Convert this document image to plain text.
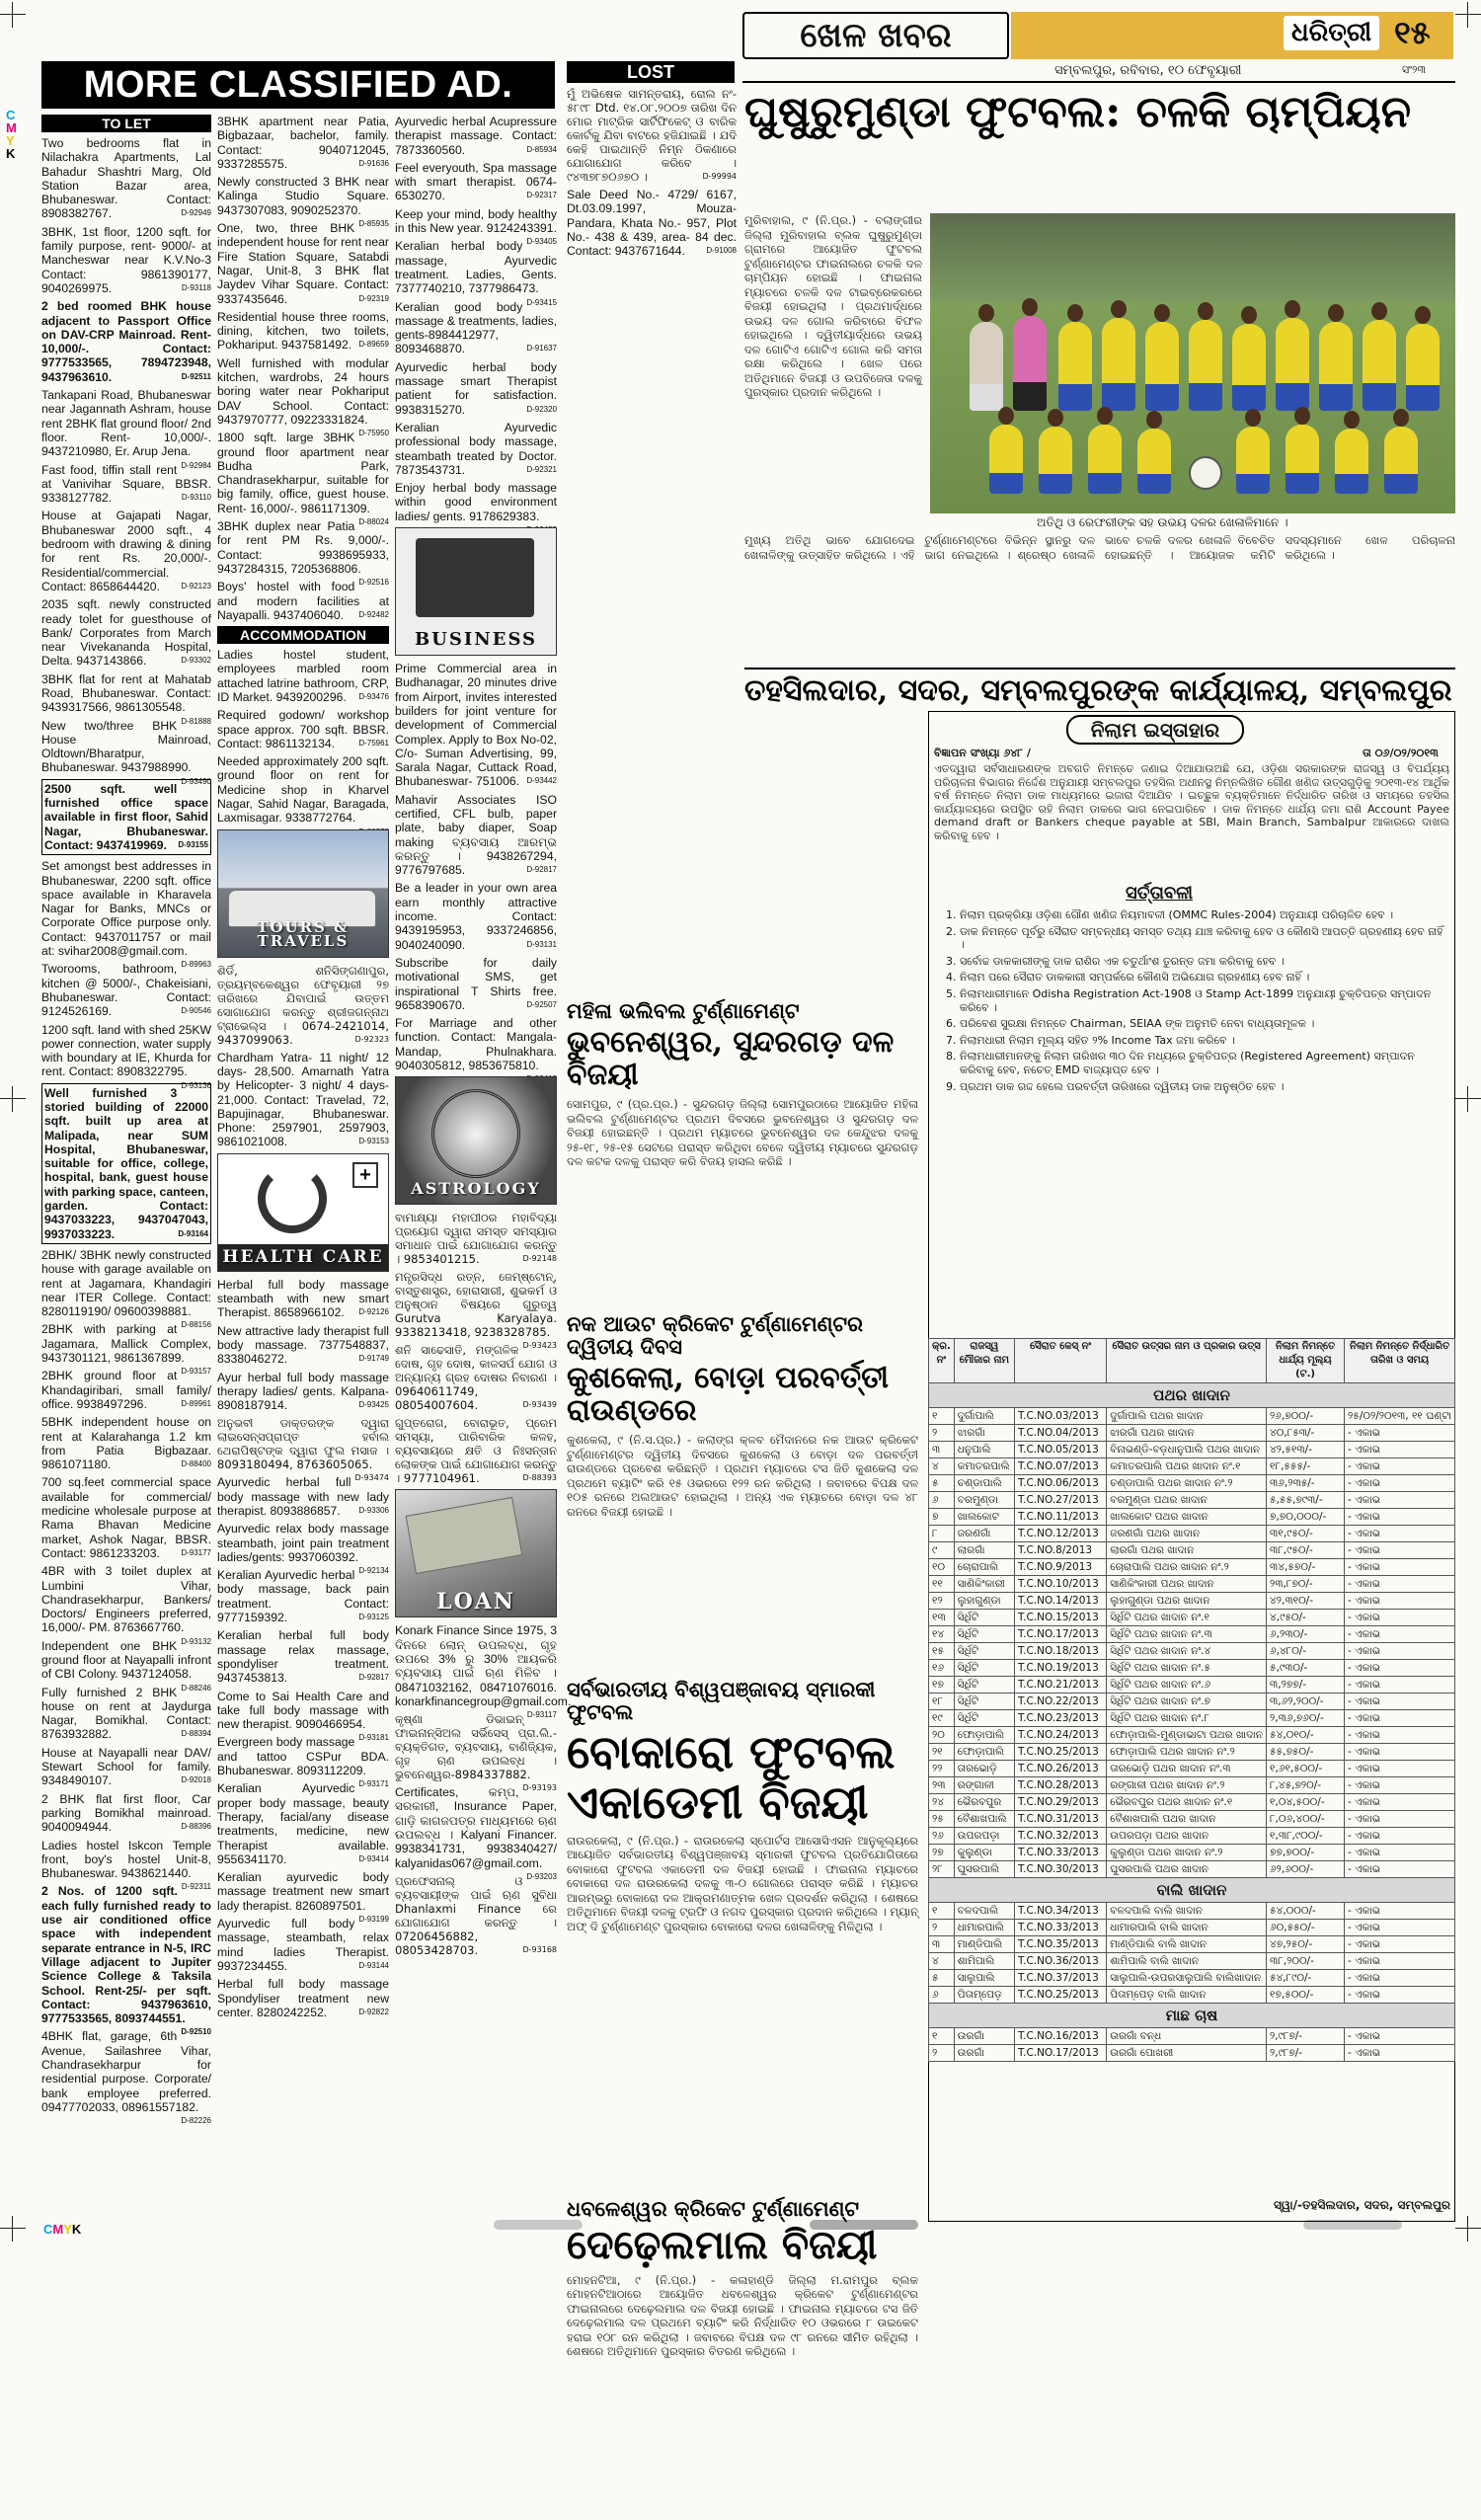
C
M
Y
K
CMYK
MORE CLASSIFIED AD.	LOST
TO LET
Two bedrooms flat in Nilachakra Apartments, Lal Bahadur Shashtri Marg, Old Station Bazar area, Bhubaneswar. Contact: 8908382767.	D-92949
3BHK, 1st floor, 1200 sqft. for family purpose, rent- 9000/- at Mancheswar near K.V.No-3 Contact: 9861390177, 9040269975.	D-93118
2 bed roomed BHK house adjacent to Passport Office on DAV-CRP Mainroad. Rent-10,000/-. Contact: 9777533565, 7894723948, 9437963610.	D-92511
Tankapani Road, Bhubaneswar near Jagannath Ashram, house rent 2BHK flat ground floor/ 2nd floor. Rent- 10,000/-. 9437210980, Er. Arup Jena.
D-92984
Fast food, tiffin stall rent at Vanivihar Square, BBSR. 9338127782.	D-93110
House at Gajapati Nagar, Bhubaneswar 2000 sqft., 4 bedroom with drawing & dining for rent Rs. 20,000/-. Residential/commercial. Contact: 8658644420.	D-92123
2035 sqft. newly constructed ready tolet for guesthouse of Bank/ Corporates from March near Vivekananda Hospital, Delta. 9437143866.	D-93302
3BHK flat for rent at Mahatab Road, Bhubaneswar. Contact: 9439317566, 9861305548.
D-81888
New two/three BHK House Mainroad, Oldtown/Bharatpur, Bhubaneswar. 9437988990.
D-93490
2500 sqft. well furnished office space available in first floor, Sahid Nagar, Bhubaneswar. Contact: 9437419969. D-93155
Set amongst best addresses in Bhubaneswar, 2200 sqft. office space available in Kharavela Nagar for Banks, MNCs or Corporate Office purpose only. Contact: 9437011757 or mail at: svihar2008@gmail.com.
D-89963
Tworooms, bathroom, kitchen @ 5000/-, Chakeisiani, Bhubaneswar. Contact: 9124526169.	D-90546
1200 sqft. land with shed 25KW power connection, water supply with boundary at IE, Khurda for rent. Contact: 8908322795.
D-93136
Well furnished 3 storied building of 22000 sqft. built up area at Malipada, near SUM Hospital, Bhubaneswar, suitable for office, college, hospital, bank, guest house with parking space, canteen, garden. Contact: 9437033223, 9437047043, 9937033223.	D-93164
2BHK/ 3BHK newly constructed house with garage available on rent at Jagamara, Khandagiri near ITER College. Contact: 8280119190/ 09600398881.
D-88156
2BHK with parking at Jagamara, Mallick Complex, 9437301121, 9861367899.
D-93157
2BHK ground floor at Khandagiribari, small family/ office. 9938497296.	D-89961
5BHK independent house on rent at Kalarahanga 1.2 km from Patia Bigbazaar. 9861071180.	D-88400
700 sq.feet commercial space available for commercial/ medicine wholesale purpose at Rama Bhavan Medicine market, Ashok Nagar, BBSR. Contact: 9861233203.	D-93177
4BR with 3 toilet duplex at Lumbini Vihar, Chandrasekharpur, Bankers/ Doctors/ Engineers preferred, 16,000/- PM. 8763667760.
D-93132
Independent one BHK ground floor at Nayapalli infront of CBI Colony. 9437124058.
D-88246
Fully furnished 2 BHK house on rent at Jaydurga Nagar, Bomikhal. Contact: 8763932882.	D-88394
House at Nayapalli near DAV/ Stewart School for family. 9348490107.	D-92018
2 BHK flat first floor, Car parking Bomikhal mainroad. 9040094944.	D-88396
Ladies hostel Iskcon Temple front, boy's hostel Unit-8, Bhubaneswar. 9438621440.
D-92311
2 Nos. of 1200 sqft. each fully furnished ready to use air conditioned office space with independent separate entrance in N-5, IRC Village adjacent to Jupiter Science College & Taksila School. Rent-25/- per sqft. Contact: 9437963610, 9777533565, 8093744551.
D-92510
4BHK flat, garage, 6th Avenue, Sailashree Vihar, Chandrasekharpur for residential purpose. Corporate/ bank employee preferred. 09477702033, 08961557182.
D-82226
3BHK apartment near Patia, Bigbazaar, bachelor, family. Contact: 9040712045, 9337285575.	D-91636
Newly constructed 3 BHK near Kalinga Studio Square. 9437307083, 9090252370.
D-85935
One, two, three BHK independent house for rent near Fire Station Square, Satabdi Nagar, Unit-8, 3 BHK flat Jaydev Vihar Square. Contact: 9337435646.	D-92319
Residential house three rooms, dining, kitchen, two toilets, Pokhariput. 9437581492. D-89659
Well furnished with modular kitchen, wardrobs, 24 hours boring water near Pokhariput DAV School. Contact: 9437970777, 09223331824.
D-75950
1800 sqft. large 3BHK ground floor apartment near Budha Park, Chandrasekharpur, suitable for big family, office, guest house. Rent- 16,000/-. 9861171309.
D-88024
3BHK duplex near Patia for rent PM Rs. 9,000/-. Contact: 9938695933, 9437284315, 7205368806.
D-92516
Boys' hostel with food and modern facilities at Nayapalli. 9437406040. D-92482
ACCOMMODATION
Ladies hostel student, employees marbled room attached latrine bathroom, CRP, ID Market. 9439200296. D-93476
Required godown/ workshop space approx. 700 sqft. BBSR. Contact: 9861132134.	D-75961
Needed approximately 200 sqft. ground floor on rent for Medicine shop in Kharvel Nagar, Sahid Nagar, Baragada, Laxmisagar. 9338772764.
TOURS & TRAVELS
ଶିର୍ଡି, ଶନିସିଙ୍ଗଣାପୁର, ତ୍ରୟମ୍ବକେଶ୍ୱର ଫେବୃୟାରୀ ୨୭ ତାରିଖରେ ଯିବାପାଇଁ ଉତ୍ତମ ସୋଗାଯୋଗ କରନ୍ତୁ ଶ୍ରୀଜଗନ୍ନାଥ ଟ୍ରାଭେଲ୍ସ । 0674-2421014, 9437099063.	D-92323
Chardham Yatra- 11 night/ 12 days- 28,500. Amarnath Yatra by Helicopter- 3 night/ 4 days- 21,000. Contact: Travelad, 72, Bapujinagar, Bhubaneswar. Phone: 2597901, 2597903, 9861021008.	D-93153
+
HEALTH CARE
Herbal full body massage steambath with new smart Therapist. 8658966102. D-92126
New attractive lady therapist full body massage. 7377548837, 8338046272.	D-91749
Ayur herbal full body massage therapy ladies/ gents. Kalpana-8908187914.	D-93425
ଅନୁଭବୀ ଡାକ୍ତରଙ୍କ ଦ୍ୱାରା ଲାଇସେନ୍ସପ୍ରାପ୍ତ ହର୍ବାଲ ଥେରାପିଷ୍ଟଙ୍କ ଦ୍ୱାରା ଫୁଲ ମସାଜ । 8093180494, 8763605065.
D-93474
Ayurvedic herbal full body massage with new lady therapist. 8093886857. D-93306
Ayurvedic relax body massage steambath, joint pain treatment ladies/gents: 9937060392.
D-92134
Keralian Ayurvedic herbal body massage, back pain treatment. Contact: 9777159392.	D-93125
Keralian herbal full body massage relax massage, spondyliser treatment. 9437453813.	D-92817
Come to Sai Health Care and take full body massage with new therapist. 9090466954.
D-93181
Evergreen body massage and tattoo CSPur BDA. Bhubaneswar. 8093112209.
D-93171
Keralian Ayurvedic proper body massage, beauty Therapy, facial/any disease treatments, medicine, new Therapist available. 9556341170.	D-93414
Keralian ayurvedic body massage treatment new smart lady therapist. 8260897501.
D-93199
Ayurvedic full body massage, steambath, relax mind ladies Therapist. 9937234455.	D-93144
Herbal full body massage Spondyliser treatment new center. 8280242252.	D-92822
Ayurvedic herbal Acupressure therapist massage. Contact: 7873360560.	D-85934
Feel everyouth, Spa massage with smart therapist. 0674-6530270.	D-92317
Keep your mind, body healthy in this New year. 9124243391.
D-93405
Keralian herbal body massage, Ayurvedic treatment. Ladies, Gents. 7377740210, 7377986473.
D-93415
Keralian good body massage & treatments, ladies, gents-8984412977, 8093468870.	D-91637
Ayurvedic herbal body massage smart Therapist patient for satisfaction. 9938315270.	D-92320
Keralian Ayurvedic professional body massage, steambath treated by Doctor. 7873543731.	D-92321
Enjoy herbal body massage within good environment ladies/ gents. 9178629383.
BUSINESS
Prime Commercial area in Budhanagar, 20 minutes drive from Airport, invites interested builders for joint venture for development of Commercial Complex. Apply to Box No-02, C/o- Suman Advertising, 99, Sarala Nagar, Cuttack Road, Bhubaneswar- 751006. D-93442
Mahavir Associates ISO certified, CFL bulb, paper plate, baby diaper, Soap making ବ୍ୟବସାୟ ଆରମ୍ଭ କରନ୍ତୁ । 9438267294, 9776797685.	D-92817
Be a leader in your own area earn monthly attractive income. Contact: 9439195953, 9337246856, 9040240090.	D-93131
Subscribe for daily motivational SMS, get inspirational T Shirts free. 9658390670.	D-92507
For Marriage and other function. Contact: Mangala-Mandap, Phulnakhara. 9040305812, 9853675810.
ASTROLOGY
ବାମାକ୍ଷ୍ୟା ମହାପୀଠର ମହାବିଦ୍ୟା ପ୍ରୟୋଗ ଦ୍ୱାରା ସମସ୍ତ ସମସ୍ୟାର ସମାଧାନ ପାଇଁ ଯୋଗାଯୋଗ କରନ୍ତୁ । 9853401215.	D-92148
ମନ୍ତ୍ରସିଦ୍ଧ ରତ୍ନ, ଜେମ୍‌ଷ୍ଟୋନ୍, ବାସ୍ତୁଶାସ୍ତ୍ର, ହୋରାସାରୀ, ଶୁଭକର୍ମ ଓ ଅନୁଷ୍ଠାନ ବିଷୟରେ ଗୁରୁତ୍ୱ Gurutva Karyalaya. 9338213418, 9238328785.
D-93423
ଶନି ସାଢେସାତି, ମଙ୍ଗଳିକ ଦୋଷ, ଗୃହ ଦୋଷ, କାଳସର୍ପ ଯୋଗ ଓ ଅନ୍ୟାନ୍ୟ ଗ୍ରହ ଦୋଷର ନିବାରଣ । 09640611749, 08054007604.	D-93439
ଗୁପ୍ତରୋଗ, ବୋରାଭୂତ, ପ୍ରେମ ସମସ୍ୟା, ପାରିବାରିକ କଳହ, ବ୍ୟବସାୟରେ କ୍ଷତି ଓ ନିଃସନ୍ତାନ ଲୋକଙ୍କ ପାଇଁ ଯୋଗାଯୋଗ କରନ୍ତୁ । 9777104961.	D-88393
LOAN
Konark Finance Since 1975, 3 ଦିନରେ ଲୋନ୍ ଉପଲବ୍ଧ, ଗୃହ ଉପରେ 3% ରୁ 30% ଆୟକରି ବ୍ୟବସାୟ ପାଇଁ ଋଣ ମିଳିବ । 08471032162, 08471076016. konarkfinancegroup@gmail.com.
D-93117
କୃଷ୍ଣା ଡିଭାଇନ୍ ଫାଇନାନ୍ସିଅଲ ସର୍ଭିସେସ୍ ପ୍ରା.ଲି.- ବ୍ୟକ୍ତିଗତ, ବ୍ୟବସାୟ, ବାଣିଜ୍ୟିକ, ଗୃହ ଋଣ ଉପଲବ୍ଧ । ଭୁବନେଶ୍ୱର-8984337882.
D-93193
Certificates, କମ୍ପ, ସରକାରୀ, Insurance Paper, ଗାଡ଼ି କାଗଜପତ୍ର ମାଧ୍ୟମରେ ଋଣ ଉପଲବ୍ଧ । Kalyani Financer. 9938341731, 9938340427/ kalyanidas067@gmail.com.
D-93203
ପ୍ରଫେସନାଲ୍ ଓ ବ୍ୟବସାୟୀଙ୍କ ପାଇଁ ଋଣ ସୁବିଧା Dhanlaxmi Finance ରେ ଯୋଗାଯୋଗ କରନ୍ତୁ । 07206456882, 08053428703.	D-93168
ମୁଁ ଅଭିଷେକ ସାମନ୍ତରାୟ, ରୋଲ ନଂ- ୫୮୯୮ Dtd. ୧୪.୦୮.୨୦୦୭ ତାରିଖ ଦିନ ମୋର ମାଟ୍ରିକ ସାର୍ଟିଫିକେଟ୍ ଓ ବାରିକ କୋର୍ଟକୁ ଯିବା ବାଟରେ ହଜିଯାଇଛି । ଯଦି କେହି ପାଇଥାନ୍ତି ନିମ୍ନ ଠିକଣାରେ ଯୋଗାଯୋଗ କରିବେ । ୯୪୩୭୮୭୦୬୭୦ ।	D-99994
Sale Deed No.- 4729/ 6167, Dt.03.09.1997, Mouza-Pandara, Khata No.- 957, Plot No.- 438 & 439, area- 84 dec. Contact: 9437671644.	D-91008
ଖେଳ ଖବର	ଧରିତ୍ରୀ ୧୫
ସମ୍ବଲପୁର, ରବିବାର, ୧୦ ଫେବୃୟାରୀ	ସଂ୨୩
ଘୁଷୁରୁମୁଣ୍ଡା ଫୁଟବଲ: ଚଳକି ଚାମ୍ପିୟନ
ମୁରିବାହାଲ, ୯ (ନି.ପ୍ର.) - ବଲାଙ୍ଗୀର ଜିଲ୍ଲା ମୁରିବାହାଲ ବ୍ଲକ ଘୁଷୁରୁମୁଣ୍ଡା ଗ୍ରାମରେ ଆୟୋଜିତ ଫୁଟବଲ ଟୁର୍ଣ୍ଣାମେଣ୍ଟର ଫାଇନାଲରେ ଚଳକି ଦଳ ଚାମ୍ପିୟନ ହୋଇଛି । ଫାଇନାଲ ମ୍ୟାଚରେ ଚଳକି ଦଳ ଟାଇବ୍ରେକରରେ ବିଜୟୀ ହୋଇଥିଲା । ପ୍ରଥମାର୍ଦ୍ଧରେ ଉଭୟ ଦଳ ଗୋଲ କରିବାରେ ବିଫଳ ହୋଇଥିଲେ । ଦ୍ୱିତୀୟାର୍ଦ୍ଧରେ ଉଭୟ ଦଳ ଗୋଟିଏ ଗୋଟିଏ ଗୋଲ କରି ସମତା ରକ୍ଷା କରିଥିଲେ । ଖେଳ ପରେ ଅତିଥିମାନେ ବିଜୟୀ ଓ ଉପବିଜେତା ଦଳକୁ ପୁରସ୍କାର ପ୍ରଦାନ କରିଥିଲେ ।
ଅତିଥି ଓ ରେଫରୀଙ୍କ ସହ ଉଭୟ ଦଳର ଖେଳାଳିମାନେ ।
ମୁଖ୍ୟ ଅତିଥି ଭାବେ ଯୋଗଦେଇ ଖେଳାଳିଙ୍କୁ ଉତ୍ସାହିତ କରିଥିଲେ । ଏହି ଟୁର୍ଣ୍ଣାମେଣ୍ଟରେ ବିଭିନ୍ନ ସ୍ଥାନରୁ ଦଳ ଭାଗ ନେଇଥିଲେ । ଶ୍ରେଷ୍ଠ ଖେଳାଳି ଭାବେ ଚଳକି ଦଳର ଖେଳାଳି ବିବେଚିତ ହୋଇଛନ୍ତି । ଆୟୋଜକ କମିଟି ସଦସ୍ୟମାନେ ଖେଳ ପରିଚାଳନା କରିଥିଲେ ।
ମହିଳା ଭଲିବଲ ଟୁର୍ଣ୍ଣାମେଣ୍ଟ
ଭୁବନେଶ୍ୱର, ସୁନ୍ଦରଗଡ଼ ଦଳ ବିଜୟୀ
ସୋମପୁର, ୯ (ପ୍ର.ପ୍ର.) - ସୁନ୍ଦରଗଡ଼ ଜିଲ୍ଲା ସୋମପୁରଠାରେ ଆୟୋଜିତ ମହିଳା ଭଲିବଲ ଟୁର୍ଣ୍ଣାମେଣ୍ଟର ପ୍ରଥମ ଦିବସରେ ଭୁବନେଶ୍ୱର ଓ ସୁନ୍ଦରଗଡ଼ ଦଳ ବିଜୟୀ ହୋଇଛନ୍ତି । ପ୍ରଥମ ମ୍ୟାଚରେ ଭୁବନେଶ୍ୱର ଦଳ କେନ୍ଦୁଝର ଦଳକୁ ୨୫-୧୮, ୨୫-୧୫ ସେଟରେ ପରାସ୍ତ କରିଥିବା ବେଳେ ଦ୍ୱିତୀୟ ମ୍ୟାଚରେ ସୁନ୍ଦରଗଡ଼ ଦଳ କଟକ ଦଳକୁ ପରାସ୍ତ କରି ବିଜୟ ହାସଲ କରିଛି ।
ନକ ଆଉଟ କ୍ରିକେଟ ଟୁର୍ଣ୍ଣାମେଣ୍ଟର ଦ୍ୱିତୀୟ ଦିବସ
କୁଶକେଲା, ବୋଡ଼ା ପରବର୍ତ୍ତୀ ରାଉଣ୍ଡରେ
କୁଶକେଲା, ୯ (ନି.ସ.ପ୍ର.) - କଲାଙ୍ଗ କ୍ଳବ ମୈଦାନରେ ନକ ଆଉଟ କ୍ରିକେଟ ଟୁର୍ଣ୍ଣାମେଣ୍ଟର ଦ୍ୱିତୀୟ ଦିବସରେ କୁଶକେଲା ଓ ବୋଡ଼ା ଦଳ ପରବର୍ତ୍ତୀ ରାଉଣ୍ଡରେ ପ୍ରବେଶ କରିଛନ୍ତି । ପ୍ରଥମ ମ୍ୟାଚରେ ଟସ ଜିତି କୁଶକେଲା ଦଳ ପ୍ରଥମେ ବ୍ୟାଟିଂ କରି ୧୫ ଓଭରରେ ୧୨୨ ରନ କରିଥିଲା । ଜବାବରେ ବିପକ୍ଷ ଦଳ ୧୦୫ ରନରେ ଅଲଆଉଟ ହୋଇଥିଲା । ଅନ୍ୟ ଏକ ମ୍ୟାଚରେ ବୋଡ଼ା ଦଳ ୪୮ ରନରେ ବିଜୟୀ ହୋଇଛି ।
ସର୍ବଭାରତୀୟ ବିଶ୍ୱପଞ୍ଜାବୟ ସ୍ମାରକୀ ଫୁଟବଲ
ବୋକାରୋ ଫୁଟବଲ ଏକାଡେମୀ ବିଜୟୀ
ରାଉରକେଲା, ୯ (ନି.ପ୍ର.) - ରାଉରକେଲା ସ୍ପୋର୍ଟସ ଆସୋସିଏସନ ଆନୁକୂଲ୍ୟରେ ଆୟୋଜିତ ସର୍ବଭାରତୀୟ ବିଶ୍ୱପଞ୍ଜାବୟ ସ୍ମାରକୀ ଫୁଟବଲ ପ୍ରତିଯୋଗିତାରେ ବୋକାରୋ ଫୁଟବଲ ଏକାଡେମୀ ଦଳ ବିଜୟୀ ହୋଇଛି । ଫାଇନାଲ ମ୍ୟାଚରେ ବୋକାରୋ ଦଳ ରାଉରକେଲା ଦଳକୁ ୩-୦ ଗୋଲରେ ପରାସ୍ତ କରିଛି । ମ୍ୟାଚର ଆରମ୍ଭରୁ ବୋକାରୋ ଦଳ ଆକ୍ରମଣାତ୍ମକ ଖେଳ ପ୍ରଦର୍ଶନ କରିଥିଲା । ଶେଷରେ ଅତିଥିମାନେ ବିଜୟୀ ଦଳକୁ ଟ୍ରଫି ଓ ନଗଦ ପୁରସ୍କାର ପ୍ରଦାନ କରିଥିଲେ । ମ୍ୟାନ୍ ଅଫ୍ ଦି ଟୁର୍ଣ୍ଣାମେଣ୍ଟ ପୁରସ୍କାର ବୋକାରୋ ଦଳର ଖେଳାଳିଙ୍କୁ ମିଳିଥିଲା ।
ଧବଳେଶ୍ୱର କ୍ରିକେଟ ଟୁର୍ଣ୍ଣାମେଣ୍ଟ
ଦେଢ଼େଲମାଲ ବିଜୟୀ
ମୋହନଟିଆ, ୯ (ନି.ପ୍ର.) - କଳାହାଣ୍ଡି ଜିଲ୍ଲା ମ.ରାମପୁର ବ୍ଲକ ମୋହନଟିଆଠାରେ ଆୟୋଜିତ ଧବଳେଶ୍ୱର କ୍ରିକେଟ ଟୁର୍ଣ୍ଣାମେଣ୍ଟର ଫାଇନାଲରେ ଦେଢ଼େଲମାଲ ଦଳ ବିଜୟୀ ହୋଇଛି । ଫାଇନାଲ ମ୍ୟାଚରେ ଟସ ଜିତି ଦେଢ଼େଲମାଲ ଦଳ ପ୍ରଥମେ ବ୍ୟାଟିଂ କରି ନିର୍ଦ୍ଧାରିତ ୧୦ ଓଭରରେ ୮ ଉଇକେଟ ହରାଇ ୧୦୮ ରନ କରିଥିଲା । ଜବାବରେ ବିପକ୍ଷ ଦଳ ୯୮ ରନରେ ସୀମିତ ରହିଥିଲା । ଶେଷରେ ଅତିଥିମାନେ ପୁରସ୍କାର ବିତରଣ କରିଥିଲେ ।
ତହସିଲଦାର, ସଦର, ସମ୍ବଲପୁରଙ୍କ କାର୍ଯ୍ୟାଳୟ, ସମ୍ବଲପୁର
ନିଲାମ ଇସ୍ତାହାର
ବିଜ୍ଞାପନ ସଂଖ୍ୟା ୬୪୮ /	ତା ୦୬/୦୨/୨୦୧୩
ଏତଦ୍ୱାରା ସର୍ବସାଧାରଣଙ୍କ ଅବଗତି ନିମନ୍ତେ ଜଣାଇ ଦିଆଯାଉଅଛି ଯେ, ଓଡ଼ିଶା ସରକାରଙ୍କ ରାଜସ୍ୱ ଓ ବିପର୍ଯ୍ୟୟ ପରିଚାଳନା ବିଭାଗର ନିର୍ଦ୍ଦେଶ ଅନୁଯାୟୀ ସମ୍ବଲପୁର ତହସିଲ ଅଧୀନସ୍ଥ ନିମ୍ନଲିଖିତ ଗୌଣ ଖଣିଜ ଉତ୍ସଗୁଡ଼ିକୁ ୨୦୧୩-୧୪ ଆର୍ଥିକ ବର୍ଷ ନିମନ୍ତେ ନିଲାମ ଡାକ ମାଧ୍ୟମରେ ଇଜାରା ଦିଆଯିବ । ଇଚ୍ଛୁକ ବ୍ୟକ୍ତିମାନେ ନିର୍ଦ୍ଧାରିତ ତାରିଖ ଓ ସମୟରେ ତହସିଲ କାର୍ଯ୍ୟାଳୟରେ ଉପସ୍ଥିତ ରହି ନିଲାମ ଡାକରେ ଭାଗ ନେଇପାରିବେ । ଡାକ ନିମନ୍ତେ ଧାର୍ଯ୍ୟ ଜମା ରାଶି Account Payee demand draft or Bankers cheque payable at SBI, Main Branch, Sambalpur ଆକାରରେ ଦାଖଲ କରିବାକୁ ହେବ ।
ସର୍ତ୍ତାବଳୀ
1. ନିଲାମ ପ୍ରକ୍ରିୟା ଓଡ଼ିଶା ଗୌଣ ଖଣିଜ ନିୟମାବଳୀ (OMMC Rules-2004) ଅନୁଯାୟୀ ପରିଚାଳିତ ହେବ ।
2. ଡାକ ନିମନ୍ତେ ପୂର୍ବରୁ ସୈରାତ ସମ୍ବନ୍ଧୀୟ ସମସ୍ତ ତଥ୍ୟ ଯାଞ୍ଚ କରିବାକୁ ହେବ ଓ କୌଣସି ଆପତ୍ତି ଗ୍ରହଣୀୟ ହେବ ନାହିଁ ।
3. ସର୍ବୋଚ୍ଚ ଡାକକାରୀଙ୍କୁ ଡାକ ରାଶିର ଏକ ଚତୁର୍ଥାଂଶ ତୁରନ୍ତ ଜମା କରିବାକୁ ହେବ ।
4. ନିଲାମ ପରେ ସୈରାତ ଡାକକାରୀ ସମ୍ପର୍କରେ କୌଣସି ଅଭିଯୋଗ ଗ୍ରହଣୀୟ ହେବ ନାହିଁ ।
5. ନିଲାମଧାରୀମାନେ Odisha Registration Act-1908 ଓ Stamp Act-1899 ଅନୁଯାୟୀ ଚୁକ୍ତିପତ୍ର ସମ୍ପାଦନ କରିବେ ।
6. ପରିବେଶ ସୁରକ୍ଷା ନିମନ୍ତେ Chairman, SEIAA ଙ୍କ ଅନୁମତି ନେବା ବାଧ୍ୟତାମୂଳକ ।
7. ନିଲାମଧାରୀ ନିଲାମ ମୂଲ୍ୟ ସହିତ ୨% Income Tax ଜମା କରିବେ ।
8. ନିଲାମଧାରୀମାନଙ୍କୁ ନିଲାମ ତାରିଖର ୩୦ ଦିନ ମଧ୍ୟରେ ଚୁକ୍ତିପତ୍ର (Registered Agreement) ସମ୍ପାଦନ କରିବାକୁ ହେବ, ନଚେତ୍ EMD ବାଜ୍ୟାପ୍ତ ହେବ ।
9. ପ୍ରଥମ ଡାକ ରଦ୍ଦ ହେଲେ ପରବର୍ତ୍ତୀ ତାରିଖରେ ଦ୍ୱିତୀୟ ଡାକ ଅନୁଷ୍ଠିତ ହେବ ।
କ୍ର. ନଂ	ରାଜସ୍ୱ ମୌଜାର ନାମ	ସୈରାତ କେସ୍ ନଂ	ସୈରାତ ଉତ୍ସର ନାମ ଓ ପ୍ରକାର ଉତ୍ସ	ନିଲାମ ନିମନ୍ତେ ଧାର୍ଯ୍ୟ ମୂଲ୍ୟ (ଟ.)	ନିଲାମ ନିମନ୍ତେ ନିର୍ଦ୍ଧାରିତ ତାରିଖ ଓ ସମୟ
ପଥର ଖାଦାନ					
୧	ଦୁର୍ଗାପାଲି	T.C.NO.03/2013	ଦୁର୍ଗାପାଲି ପଥର ଖାଦାନ	୨୬,୭୦୦/-	୨୫/୦୨/୨୦୧୩, ୧୧ ଘଣ୍ଟା
୨	ଝାରଗାଁ	T.C.NO.04/2013	ଝାରଗାଁ ପଥର ଖାଦାନ	୪୦,୮୫୩/-	- ଏକାଭ
୩	ଧନୁପାଲି	T.C.NO.05/2013	ବିନାଭଣ୍ଡି-ବଡ଼ଧାନୁପାଲି ପଥର ଖାଦାନ	୪୨,୫୧୩/-	- ଏକାଭ
୪	କମାତରପାଲି	T.C.NO.07/2013	କମାତରପାଲି ପଥର ଖାଦାନ ନଂ.୧	୧୮,୫୫୫/-	- ଏକାଭ
୫	ଚଣ୍ଡାପାଲି	T.C.NO.06/2013	ଚଣ୍ଡାପାଲି ପଥର ଖାଦାନ ନଂ.୨	୩୬,୨୩୫/-	- ଏକାଭ
୬	ବରମୁଣ୍ଡା	T.C.NO.27/2013	ବରମୁଣ୍ଡା ପଥର ଖାଦାନ	୫,୫୫,୭୯୩/-	- ଏକାଭ
୭	ଖାଲକୋଟ	T.C.NO.11/2013	ଖାଲକୋଟ ପଥର ଖାଦାନ	୭,୭୦,୦୦୦/-	- ଏକାଭ
୮	ଜରଣଗାଁ	T.C.NO.12/2013	ଜରଣଗାଁ ପଥର ଖାଦାନ	୩୧,୯୫୦/-	- ଏକାଭ
୯	ଲାରଗାଁ	T.C.NO.8/2013	ଲାରଗାଁ ପଥର ଖାଦାନ	୩୮,୯୫୦/-	- ଏକାଭ
୧୦	ଚୋରାପାଲି	T.C.NO.9/2013	ଚୋରାପାଲି ପଥର ଖାଦାନ ନଂ.୨	୩୪,୫୭୦/-	- ଏକାଭ
୧୧	ସାଣିକିଂକାରୀ	T.C.NO.10/2013	ସାଣିକିଂକାରୀ ପଥର ଖାଦାନ	୨୩,୮୭୦/-	- ଏକାଭ
୧୨	ଲୁହାଗୁଣ୍ଡା	T.C.NO.14/2013	ଲୁହାଗୁଣ୍ଡା ପଥର ଖାଦାନ	୪୨,୩୧୦/-	- ଏକାଭ
୧୩	ସିର୍ଧିଟି	T.C.NO.15/2013	ସିର୍ଧିଟି ପଥର ଖାଦାନ ନଂ.୧	୪,୯୫୦/-	- ଏକାଭ
୧୪	ସିର୍ଧିଟି	T.C.NO.17/2013	ସିର୍ଧିଟି ପଥର ଖାଦାନ ନଂ.୩	୬,୨୩୦/-	- ଏକାଭ
୧୫	ସିର୍ଧିଟି	T.C.NO.18/2013	ସିର୍ଧିଟି ପଥର ଖାଦାନ ନଂ.୪	୬,୪୮୦/-	- ଏକାଭ
୧୬	ସିର୍ଧିଟି	T.C.NO.19/2013	ସିର୍ଧିଟି ପଥର ଖାଦାନ ନଂ.୫	୫,୯୩୦/-	- ଏକାଭ
୧୭	ସିର୍ଧିଟି	T.C.NO.21/2013	ସିର୍ଧିଟି ପଥର ଖାଦାନ ନଂ.୬	୩,୨୭୭/-	- ଏକାଭ
୧୮	ସିର୍ଧିଟି	T.C.NO.22/2013	ସିର୍ଧିଟି ପଥର ଖାଦାନ ନଂ.୭	୩,୬୨,୨୦୦/-	- ଏକାଭ
୧୯	ସିର୍ଧିଟି	T.C.NO.23/2013	ସିର୍ଧିଟି ପଥର ଖାଦାନ ନଂ.୮	୨,୩୬,୭୬୦/-	- ଏକାଭ
୨୦	ଫୋଡ଼ାପାଲି	T.C.NO.24/2013	ଫୋଡ଼ାପାଲି-ମୁଣ୍ଡାଭାଟା ପଥର ଖାଦାନ	୫୪,୦୧୦/-	- ଏକାଭ
୨୧	ଫୋଡ଼ାପାଲି	T.C.NO.25/2013	ଫୋଡ଼ାପାଲି ପଥର ଖାଦାନ ନଂ.୨	୫୫,୭୫୦/-	- ଏକାଭ
୨୨	ତାରଭୋଡ଼ି	T.C.NO.26/2013	ତାରଭୋଡ଼ି ପଥର ଖାଦାନ ନଂ.୩	୧,୬୧,୫୦୦/-	- ଏକାଭ
୨୩	ରଙ୍ଗାଳୀ	T.C.NO.28/2013	ରଙ୍ଗାଳୀ ପଥର ଖାଦାନ ନଂ.୨	୮,୪୫,୭୨୦/-	- ଏକାଭ
୨୪	ଭୈରବପୁର	T.C.NO.29/2013	ଭୈରବପୁର ପଥର ଖାଦାନ ନଂ.୧	୧,୦୪,୫୦୦/-	- ଏକାଭ
୨୫	ବୈଶାଖପାଲି	T.C.NO.31/2013	ବୈଶାଖପାଲି ପଥର ଖାଦାନ	୮,୦୬,୪୦୦/-	- ଏକାଭ
୨୬	ଉପରପଡ଼ା	T.C.NO.32/2013	ଉପରପଡ଼ା ପଥର ଖାଦାନ	୧,୩୮,୯୦୦/-	- ଏକାଭ
୨୭	କୁଲୁଣ୍ଡା	T.C.NO.33/2013	କୁଲୁଣ୍ଡା ପଥର ଖାଦାନ ନଂ.୨	୭୭,୭୦୦/-	- ଏକାଭ
୨୮	ଘୁସରପାଲି	T.C.NO.30/2013	ଘୁସରପାଲି ପଥର ଖାଦାନ	୬୨,୬୦୦/-	- ଏକାଭ
ବାଲି ଖାଦାନ					
୧	ବଳଦପାଲି	T.C.NO.34/2013	ବଳଦପାଲି ବାଲି ଖାଦାନ	୫୪,୦୦୦/-	- ଏକାଭ
୨	ଧାମାରପାଲି	T.C.NO.33/2013	ଧାମାରପାଲି ବାଲି ଖାଦାନ	୬୦,୫୫୦/-	- ଏକାଭ
୩	ମାଣ୍ଡିପାଲି	T.C.NO.35/2013	ମାଣ୍ଡିପାଲି ବାଲି ଖାଦାନ	୪୭,୨୫୦/-	- ଏକାଭ
୪	ଶାମିପାଲି	T.C.NO.36/2013	ଶାମିପାଲି ବାଲି ଖାଦାନ	୩୮,୨୦୦/-	- ଏକାଭ
୫	ସାଲୁପାଲି	T.C.NO.37/2013	ସାଲୁପାଲି-ଉପରସାଲୁପାଲି ବାଲିଖାଦାନ	୫୪,୮୯୦/-	- ଏକାଭ
୬	ପିତାମ୍ପେଡ଼	T.C.NO.25/2013	ପିତାମ୍ପେଡ଼ ବାଲି ଖାଦାନ	୧୭,୫୦୦/-	- ଏକାଭ
ମାଛ ଚାଷ					
୧	ଉରଗାଁ	T.C.NO.16/2013	ଉରଗାଁ ବନ୍ଧ	୨,୯୮୭/-	- ଏକାଭ
୨	ଉରଗାଁ	T.C.NO.17/2013	ଉରଗାଁ ପୋଖରୀ	୨,୯୮୭/-	- ଏକାଭ
ସ୍ୱା/-ତହସିଲଦାର, ସଦର, ସମ୍ବଲପୁର
